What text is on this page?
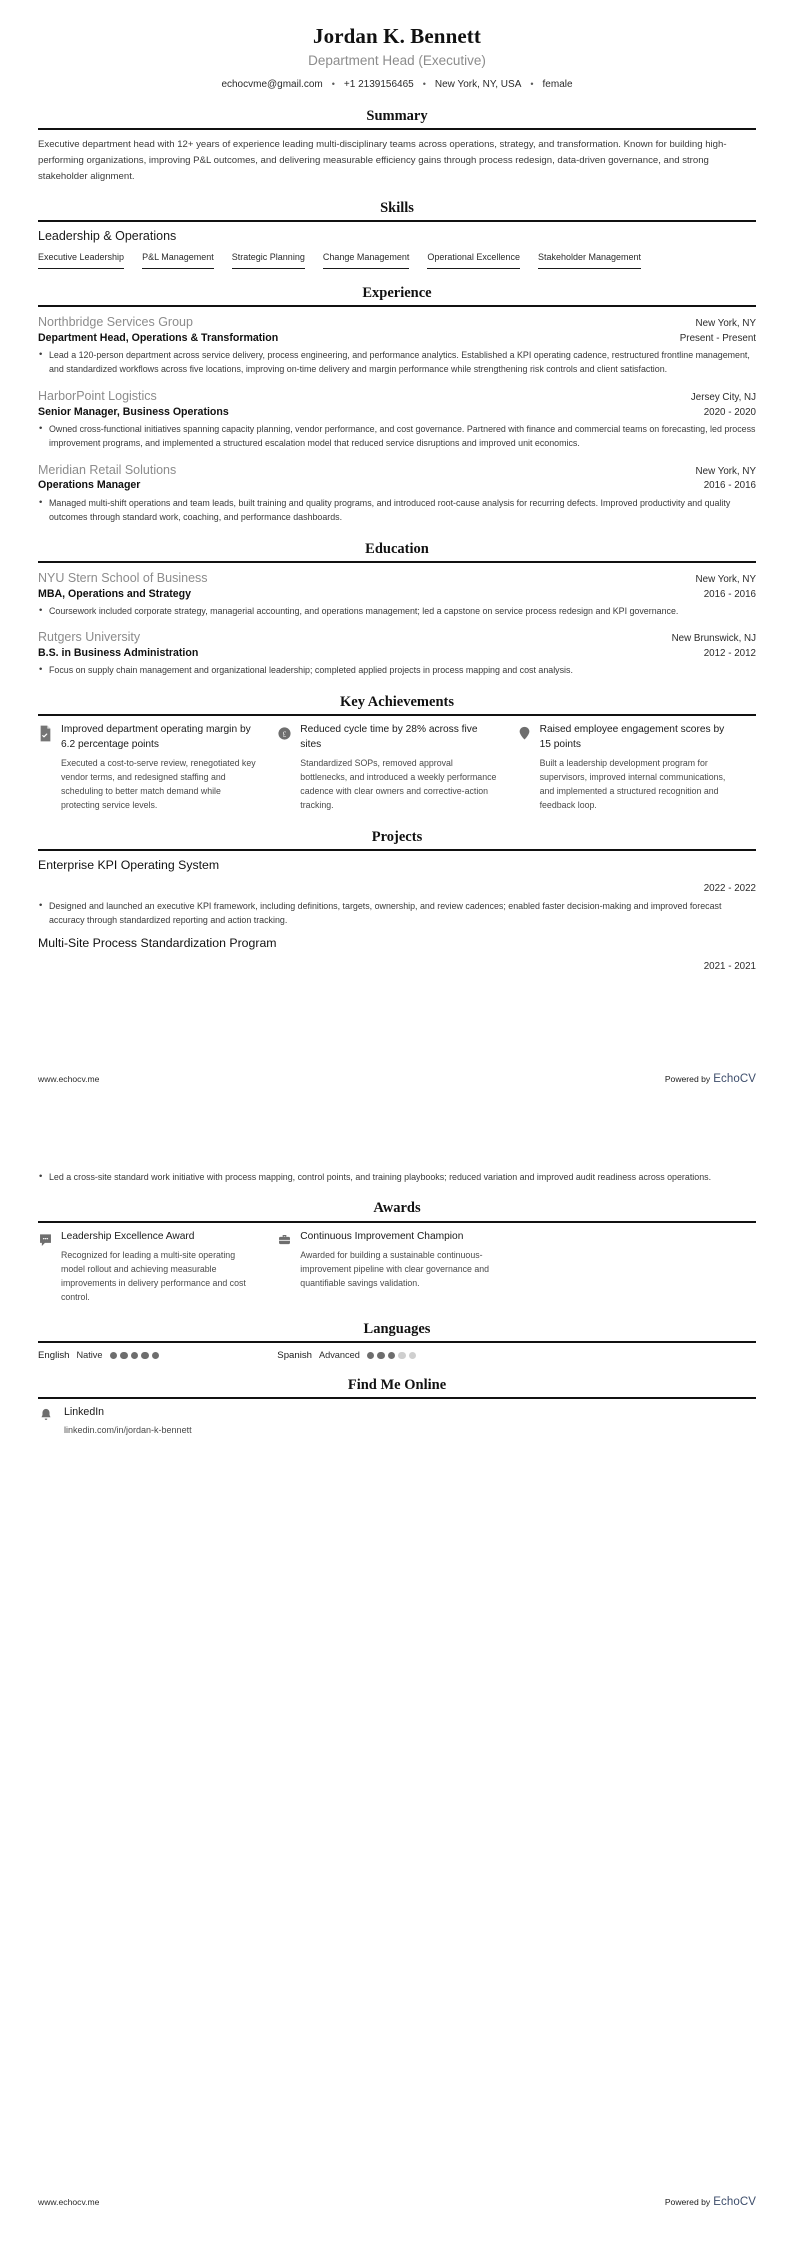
Jordan K. Bennett
Department Head (Executive)
echocvme@gmail.com • +1 2139156465 • New York, NY, USA • female
Summary

Executive department head with 12+ years of experience leading multi-disciplinary teams across operations, strategy, and transformation. Known for building high-performing organizations, improving P&L outcomes, and delivering measurable efficiency gains through process redesign, data-driven governance, and strong stakeholder alignment.

Skills
Leadership & Operations
Executive Leadership P&L Management Strategic Planning Change Management Operational Excellence Stakeholder Management
Experience
Northbridge Services Group	New York, NY
Department Head, Operations & Transformation	Present - Present
• Lead a 120-person department across service delivery, process engineering, and performance analytics. Established a KPI operating cadence, restructured frontline management, and standardized workflows across five locations, improving on-time delivery and margin performance while strengthening risk controls and client satisfaction.
HarborPoint Logistics	Jersey City, NJ
Senior Manager, Business Operations	2020 - 2020
• Owned cross-functional initiatives spanning capacity planning, vendor performance, and cost governance. Partnered with finance and commercial teams on forecasting, led process improvement programs, and implemented a structured escalation model that reduced service disruptions and improved unit economics.
Meridian Retail Solutions	New York, NY
Operations Manager	2016 - 2016
• Managed multi-shift operations and team leads, built training and quality programs, and introduced root-cause analysis for recurring defects. Improved productivity and quality outcomes through standard work, coaching, and performance dashboards.
Education
NYU Stern School of Business	New York, NY
MBA, Operations and Strategy	2016 - 2016
• Coursework included corporate strategy, managerial accounting, and operations management; led a capstone on service process redesign and KPI governance.
Rutgers University	New Brunswick, NJ
B.S. in Business Administration	2012 - 2012
• Focus on supply chain management and organizational leadership; completed applied projects in process mapping and cost analysis.
Key Achievements
Improved department operating margin by 6.2 percentage points

Executed a cost-to-serve review, renegotiated key vendor terms, and redesigned staffing and scheduling to better match demand while protecting service levels.

£ Reduced cycle time by 28% across five sites

Standardized SOPs, removed approval bottlenecks, and introduced a weekly performance cadence with clear owners and corrective-action tracking.

Raised employee engagement scores by 15 points

Built a leadership development program for supervisors, improved internal communications, and implemented a structured recognition and feedback loop.

Projects
Enterprise KPI Operating System
2022 - 2022
• Designed and launched an executive KPI framework, including definitions, targets, ownership, and review cadences; enabled faster decision-making and improved forecast accuracy through standardized reporting and action tracking.
Multi-Site Process Standardization Program
2021 - 2021
www.echocv.me	Powered by EchoCV
• Led a cross-site standard work initiative with process mapping, control points, and training playbooks; reduced variation and improved audit readiness across operations.
Awards
Leadership Excellence Award

Recognized for leading a multi-site operating model rollout and achieving measurable improvements in delivery performance and cost control.

Continuous Improvement Champion

Awarded for building a sustainable continuous-improvement pipeline with clear governance and quantifiable savings validation.

Languages
English Native	Spanish Advanced
Find Me Online
LinkedIn
linkedin.com/in/jordan-k-bennett
www.echocv.me	Powered by EchoCV
